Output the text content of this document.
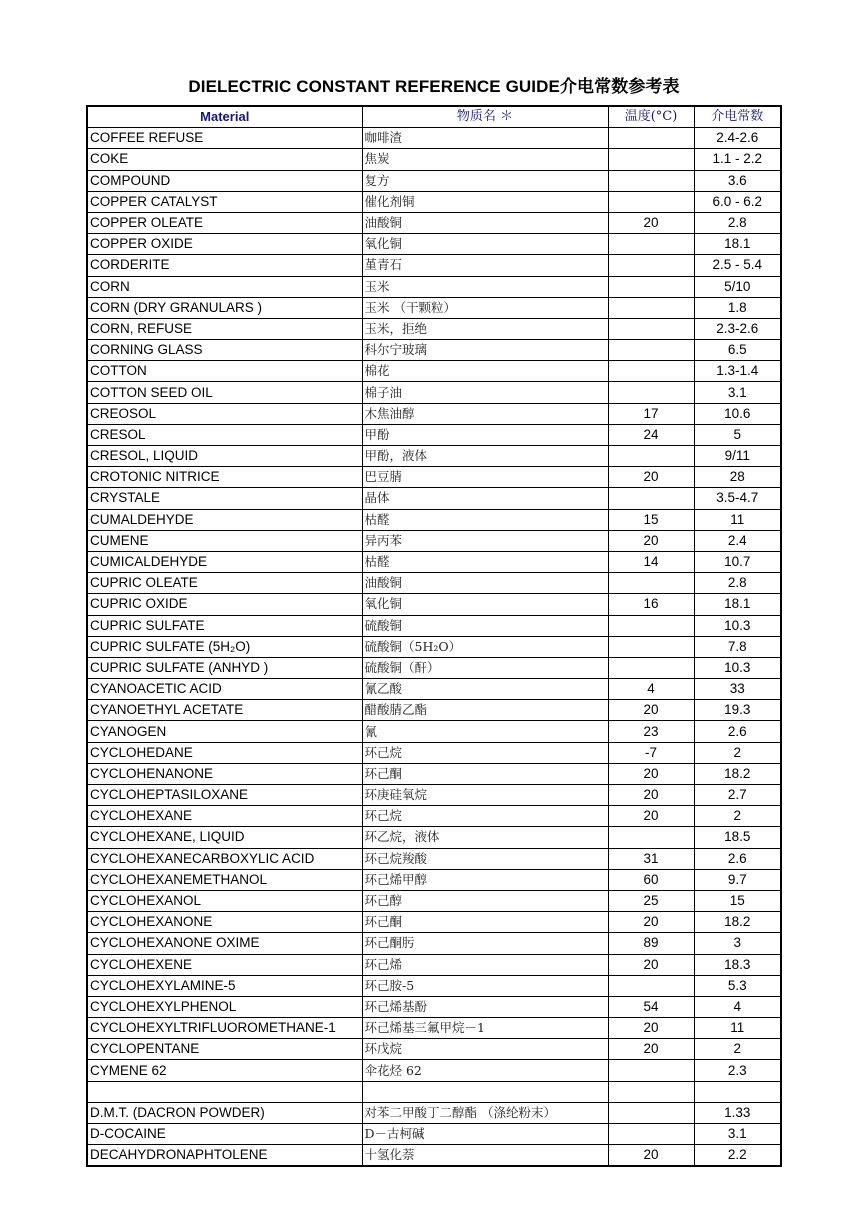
DIELECTRIC CONSTANT REFERENCE GUIDE介电常数参考表
Material	物质名 ＊	温度(°C)	介电常数
COFFEE REFUSE	咖啡渣		2.4-2.6
COKE	焦炭		1.1 - 2.2
COMPOUND	复方		3.6
COPPER CATALYST	催化剂铜		6.0 - 6.2
COPPER OLEATE	油酸铜	20	2.8
COPPER OXIDE	氧化铜		18.1
CORDERITE	堇青石		2.5 - 5.4
CORN	玉米		5/10
CORN (DRY GRANULARS )	玉米 （干颗粒）		1.8
CORN, REFUSE	玉米，拒绝		2.3-2.6
CORNING GLASS	科尔宁玻璃		6.5
COTTON	棉花		1.3-1.4
COTTON SEED OIL	棉子油		3.1
CREOSOL	木焦油醇	17	10.6
CRESOL	甲酚	24	5
CRESOL, LIQUID	甲酚，液体		9/11
CROTONIC NITRICE	巴豆腈	20	28
CRYSTALE	晶体		3.5-4.7
CUMALDEHYDE	枯醛	15	11
CUMENE	异丙苯	20	2.4
CUMICALDEHYDE	枯醛	14	10.7
CUPRIC OLEATE	油酸铜		2.8
CUPRIC OXIDE	氧化铜	16	18.1
CUPRIC SULFATE	硫酸铜		10.3
CUPRIC SULFATE (5H₂O)	硫酸铜（5H₂O）		7.8
CUPRIC SULFATE (ANHYD )	硫酸铜（酐）		10.3
CYANOACETIC ACID	氰乙酸	4	33
CYANOETHYL ACETATE	醋酸腈乙酯	20	19.3
CYANOGEN	氰	23	2.6
CYCLOHEDANE	环己烷	-7	2
CYCLOHENANONE	环己酮	20	18.2
CYCLOHEPTASILOXANE	环庚硅氧烷	20	2.7
CYCLOHEXANE	环己烷	20	2
CYCLOHEXANE, LIQUID	环乙烷，液体		18.5
CYCLOHEXANECARBOXYLIC ACID	环己烷羧酸	31	2.6
CYCLOHEXANEMETHANOL	环己烯甲醇	60	9.7
CYCLOHEXANOL	环己醇	25	15
CYCLOHEXANONE	环己酮	20	18.2
CYCLOHEXANONE OXIME	环己酮肟	89	3
CYCLOHEXENE	环己烯	20	18.3
CYCLOHEXYLAMINE-5	环己胺-5		5.3
CYCLOHEXYLPHENOL	环己烯基酚	54	4
CYCLOHEXYLTRIFLUOROMETHANE-1	环己烯基三氟甲烷－1	20	11
CYCLOPENTANE	环戊烷	20	2
CYMENE 62	伞花烃 62		2.3

D.M.T. (DACRON POWDER)	对苯二甲酸丁二醇酯 （涤纶粉末）		1.33
D-COCAINE	D－古柯碱		3.1
DECAHYDRONAPHTOLENE	十氢化萘	20	2.2
